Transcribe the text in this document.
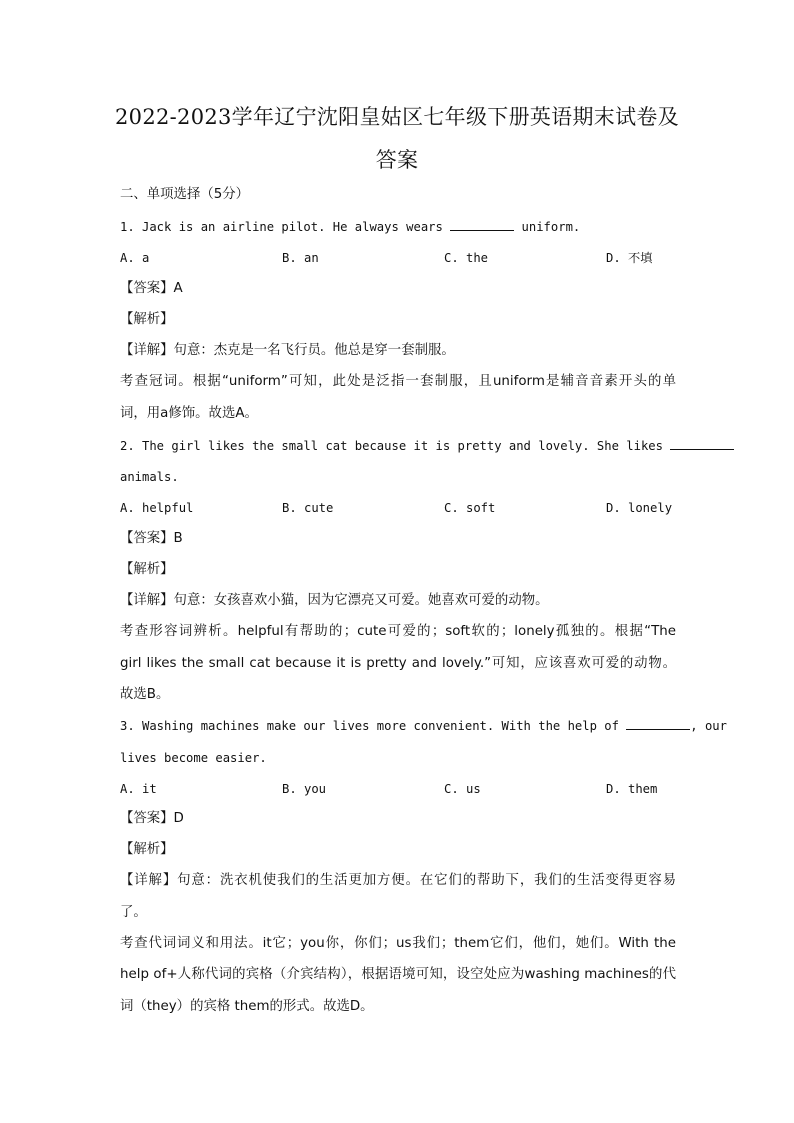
2022-2023学年辽宁沈阳皇姑区七年级下册英语期末试卷及
答案
二、单项选择（5分）
1. Jack is an airline pilot. He always wears	uniform.
A. a	B. an	C. the	D. 不填
【答案】A
【解析】
【详解】句意：杰克是一名飞行员。他总是穿一套制服。
考查冠词。根据“uniform”可知，此处是泛指一套制服，且uniform是辅音音素开头的单
词，用a修饰。故选A。
2. The girl likes the small cat because it is pretty and lovely. She likes
animals.
A. helpful	B. cute	C. soft	D. lonely
【答案】B
【解析】
【详解】句意：女孩喜欢小猫，因为它漂亮又可爱。她喜欢可爱的动物。
考查形容词辨析。helpful有帮助的；cute可爱的；soft软的；lonely孤独的。根据“The
girl likes the small cat because it is pretty and lovely.”可知，应该喜欢可爱的动物。
故选B。
3. Washing machines make our lives more convenient. With the help of	, our
lives become easier.
A. it	B. you	C. us	D. them
【答案】D
【解析】
【详解】句意：洗衣机使我们的生活更加方便。在它们的帮助下，我们的生活变得更容易
了。
考查代词词义和用法。it它；you你，你们；us我们；them它们，他们，她们。With the
help of+人称代词的宾格（介宾结构），根据语境可知，设空处应为washing machines的代
词（they）的宾格 them的形式。故选D。
